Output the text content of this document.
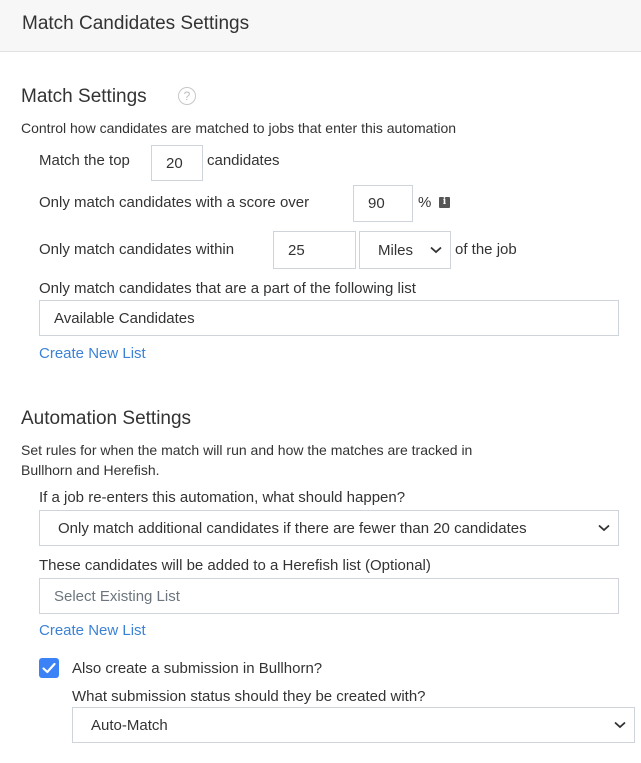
Match Candidates Settings
Match Settings	?
Control how candidates are matched to jobs that enter this automation
Match the top 20 candidates
Only match candidates with a score over	90 %	i
Only match candidates within	25	Miles	of the job
Only match candidates that are a part of the following list
Available Candidates
Create New List
Automation Settings
Set rules for when the match will run and how the matches are tracked in
Bullhorn and Herefish.
If a job re-enters this automation, what should happen?
Only match additional candidates if there are fewer than 20 candidates
These candidates will be added to a Herefish list (Optional)
Select Existing List
Create New List
Also create a submission in Bullhorn?
What submission status should they be created with?
Auto-Match
